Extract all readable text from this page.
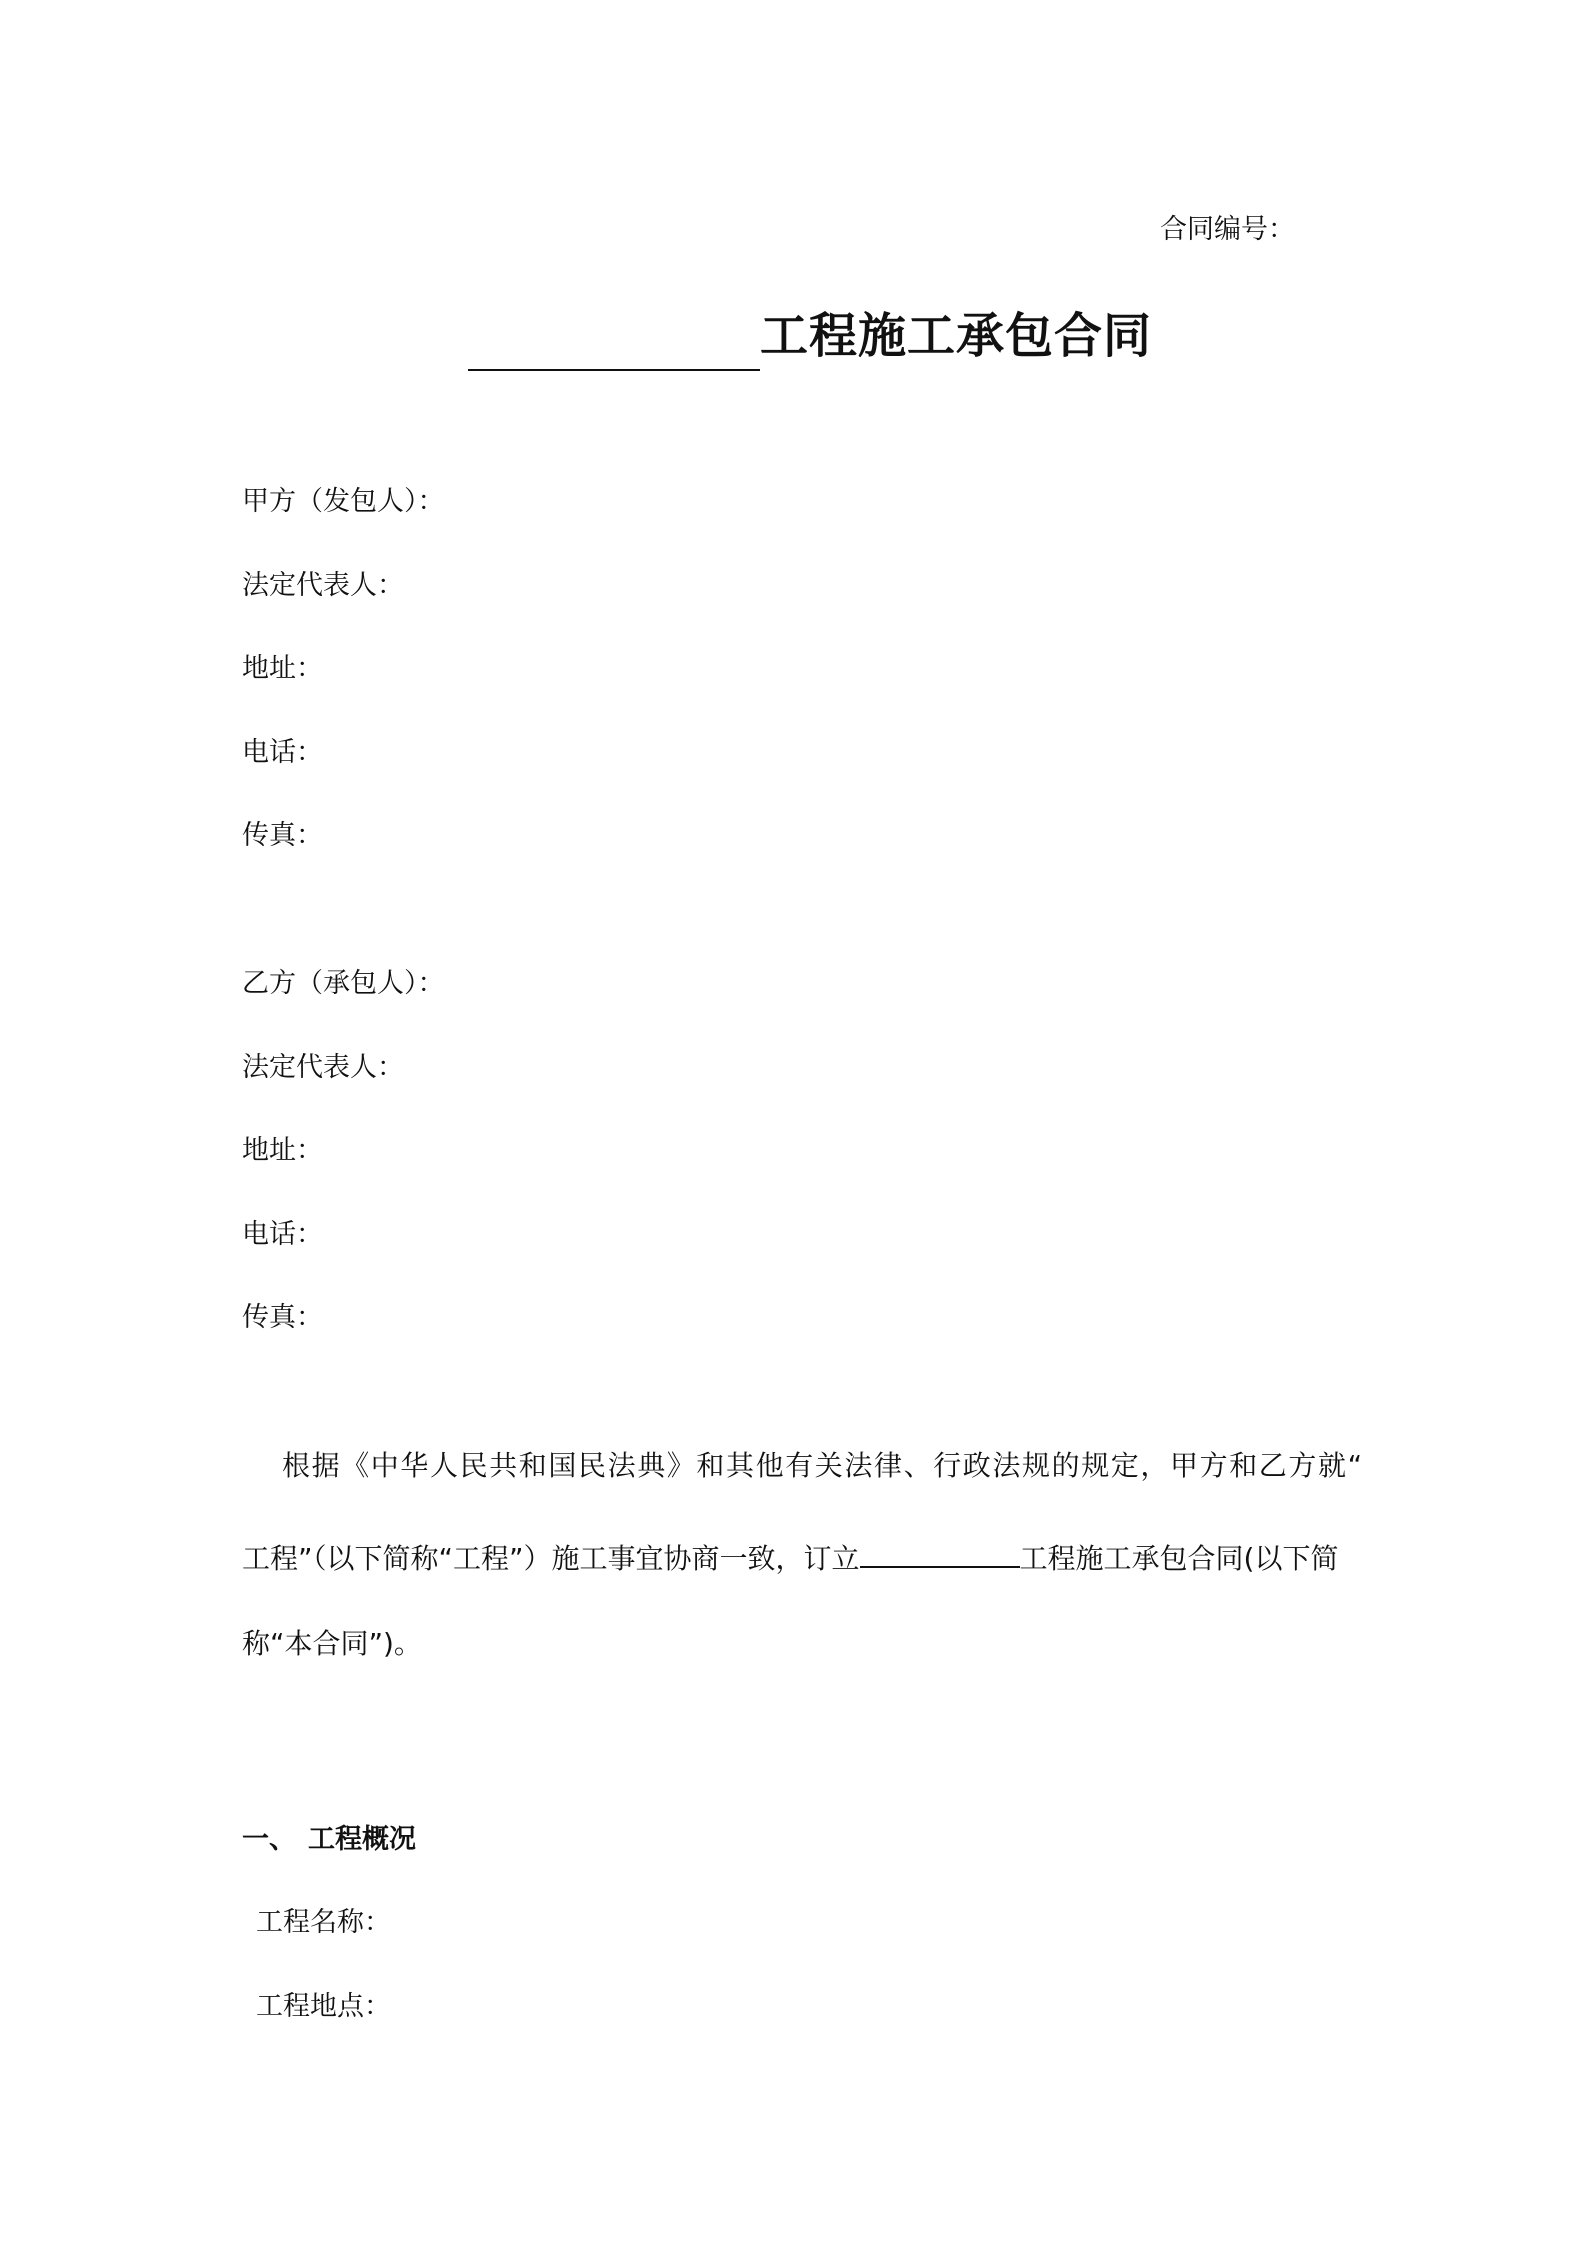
合同编号：
工程施工承包合同
甲方（发包人）：
法定代表人：
地址：
电话：
传真：
乙方（承包人）：
法定代表人：
地址：
电话：
传真：
根据《中华人民共和国民法典》和其他有关法律、行政法规的规定，甲方和乙方就“
工程”（以下简称“工程”）施工事宜协商一致，订立	工程施工承包合同(以下简
称“本合同”)。
一、 工程概况
工程名称：
工程地点：
